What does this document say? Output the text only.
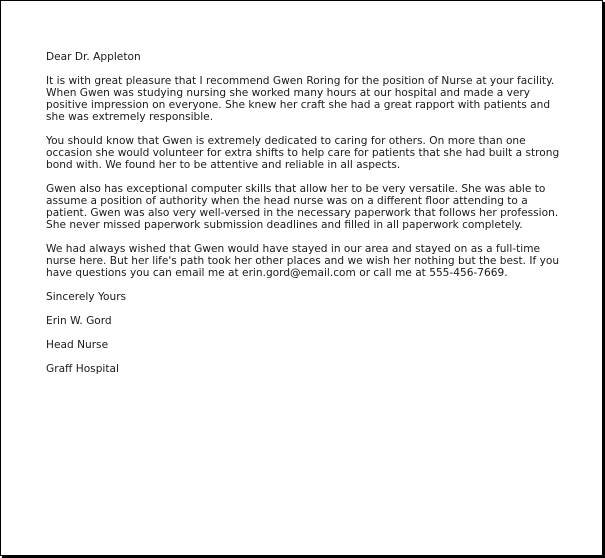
Dear Dr. Appleton

It is with great pleasure that I recommend Gwen Roring for the position of Nurse at your facility.
When Gwen was studying nursing she worked many hours at our hospital and made a very
positive impression on everyone. She knew her craft she had a great rapport with patients and
she was extremely responsible.

You should know that Gwen is extremely dedicated to caring for others. On more than one
occasion she would volunteer for extra shifts to help care for patients that she had built a strong
bond with. We found her to be attentive and reliable in all aspects.

Gwen also has exceptional computer skills that allow her to be very versatile. She was able to
assume a position of authority when the head nurse was on a different floor attending to a
patient. Gwen was also very well-versed in the necessary paperwork that follows her profession.
She never missed paperwork submission deadlines and filled in all paperwork completely.

We had always wished that Gwen would have stayed in our area and stayed on as a full-time
nurse here. But her life's path took her other places and we wish her nothing but the best. If you
have questions you can email me at erin.gord@email.com or call me at 555-456-7669.

Sincerely Yours

Erin W. Gord

Head Nurse

Graff Hospital
